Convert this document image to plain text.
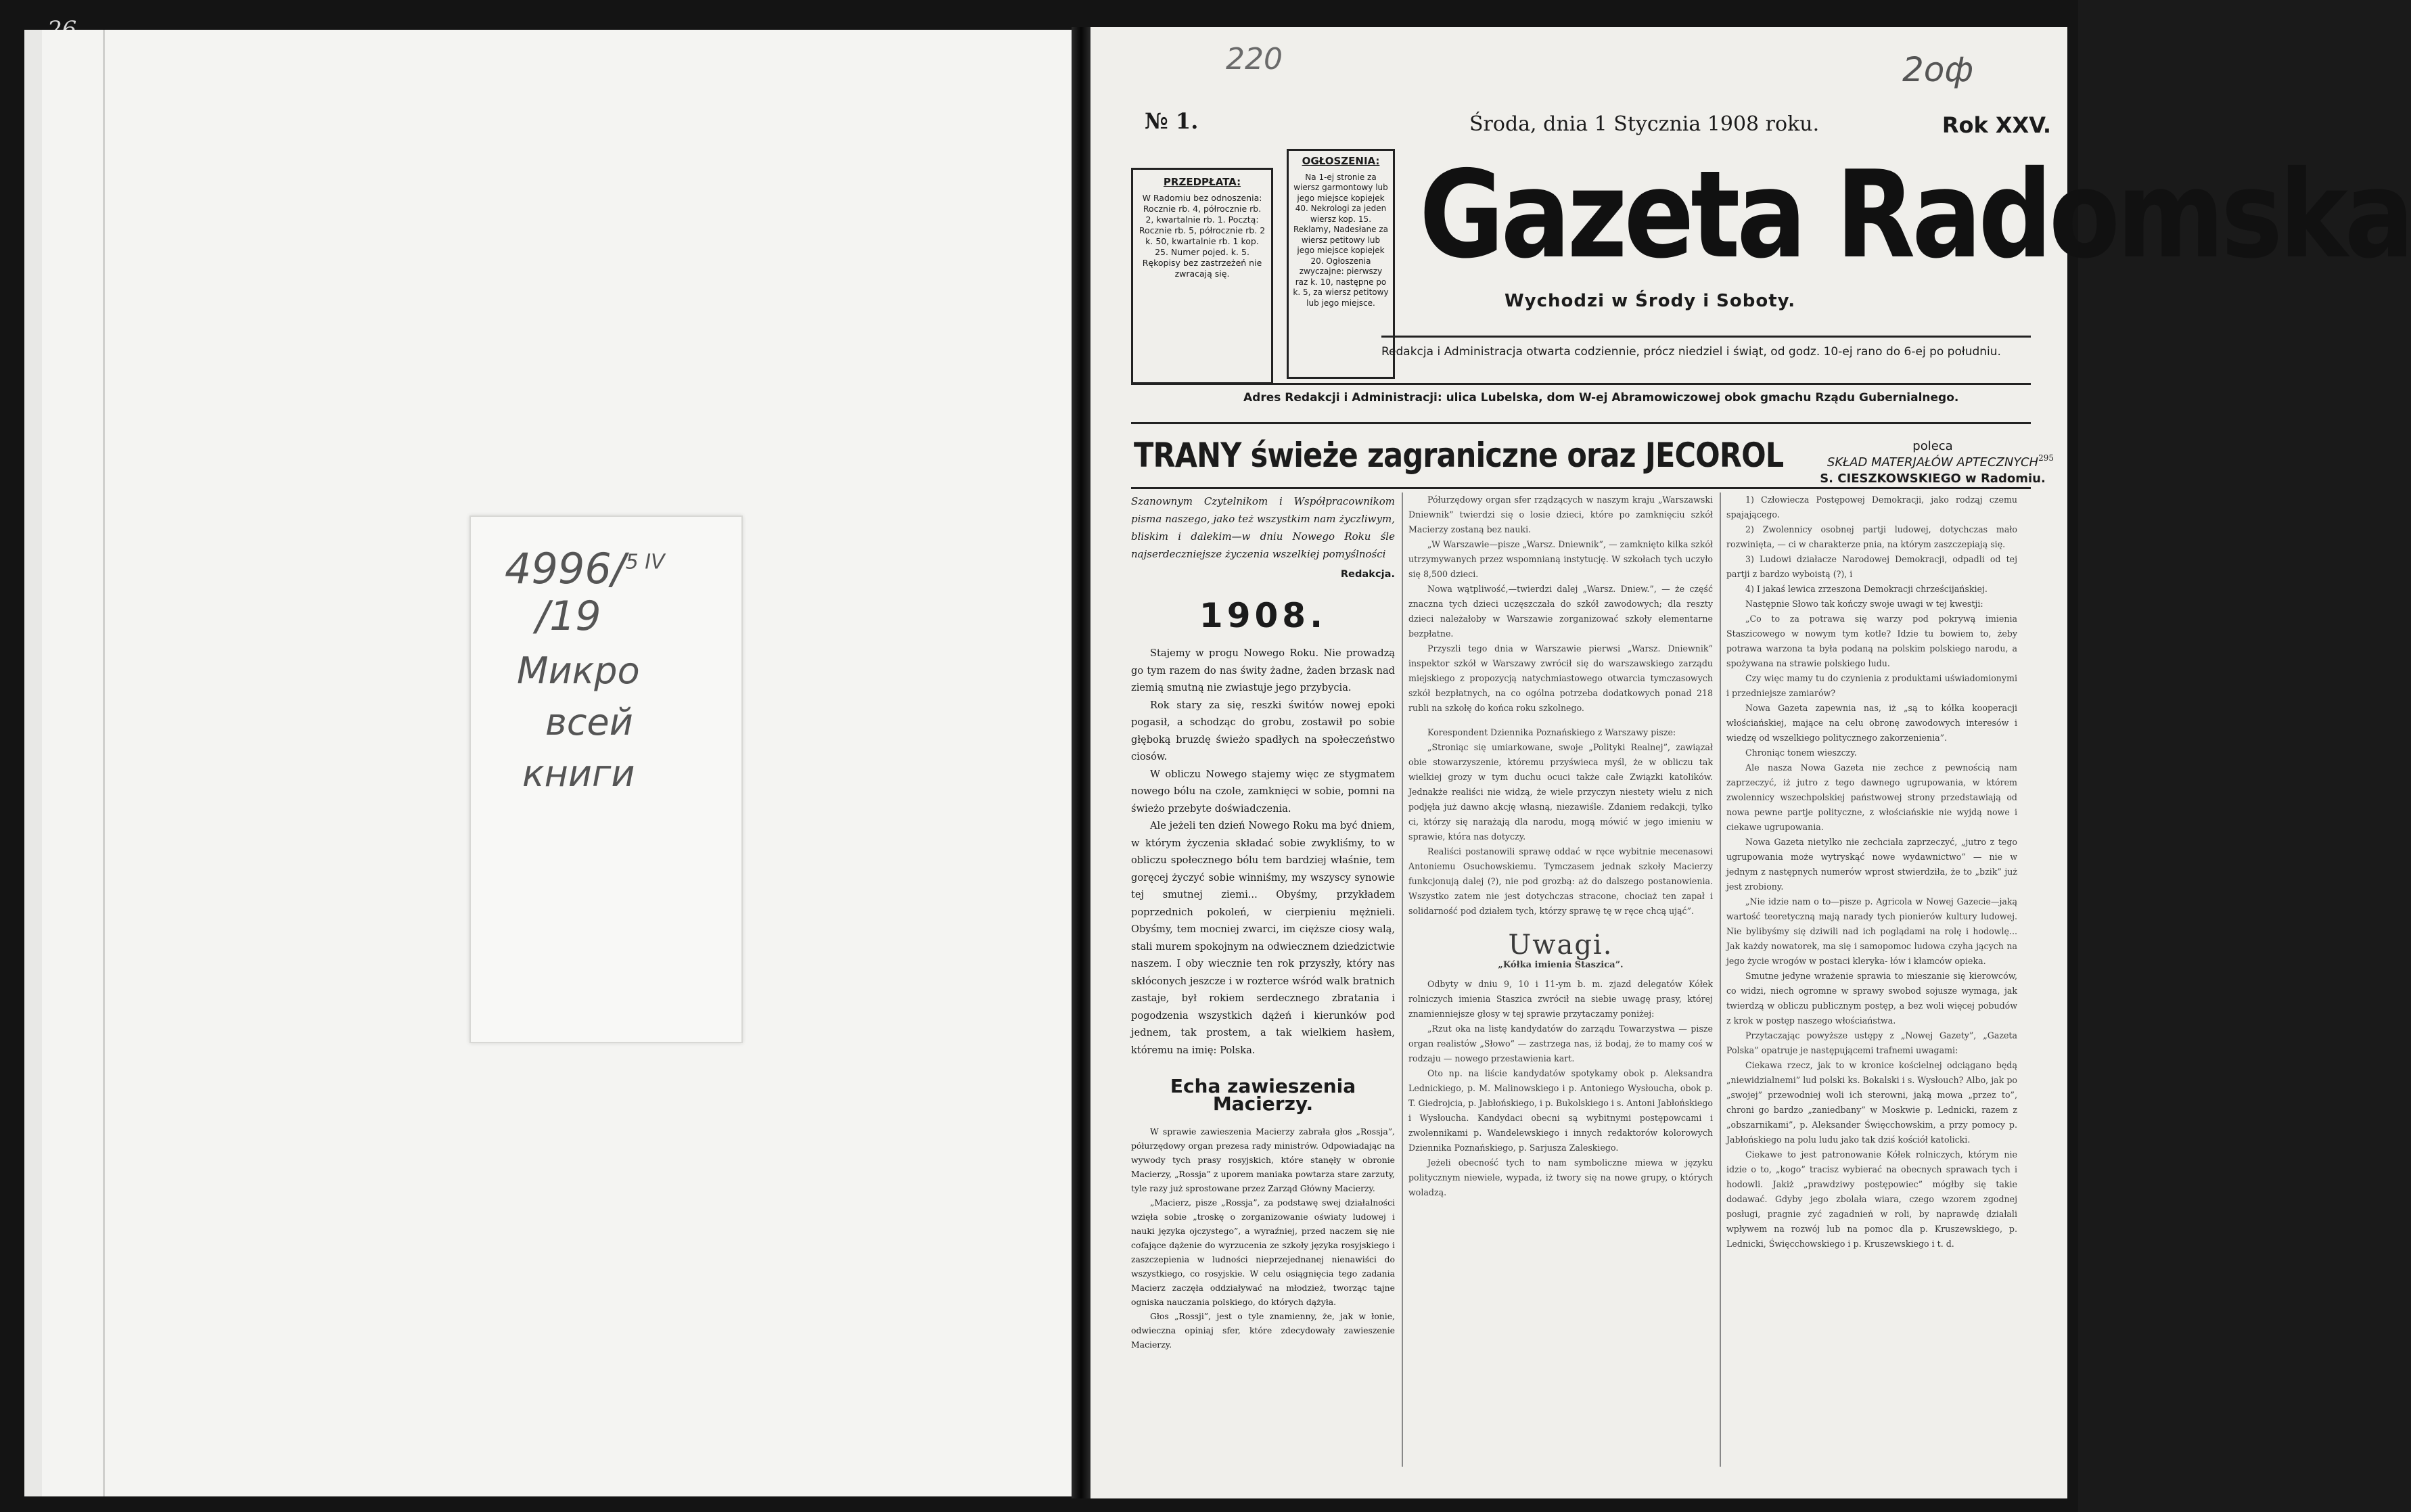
4996/$^{5 IV}$
/19
Микро
всей
книги
220	2оф
№ 1.	Środa, dnia 1 Stycznia 1908 roku.	Rok XXV.
PRZEDPŁATA:
W Radomiu bez odnoszenia: Rocznie rb. 4, półrocznie rb. 2, kwartalnie rb. 1. Pocztą: Rocznie rb. 5, półrocznie rb. 2 k. 50, kwartalnie rb. 1 kop. 25. Numer pojed. k. 5. Rękopisy bez zastrzeżeń nie zwracają się.
OGŁOSZENIA:
Na 1-ej stronie za wiersz garmontowy lub jego miejsce kopiejek 40. Nekrologi za jeden wiersz kop. 15. Reklamy, Nadesłane za wiersz petitowy lub jego miejsce kopiejek 20. Ogłoszenia zwyczajne: pierwszy raz k. 10, następne po k. 5, za wiersz petitowy lub jego miejsce.
Gazeta Radomska
Wychodzi w Środy i Soboty.
Redakcja i Administracja otwarta codziennie, prócz niedziel i świąt, od godz. 10-ej rano do 6-ej po południu.
Adres Redakcji i Administracji: ulica Lubelska, dom W-ej Abramowiczowej obok gmachu Rządu Gubernialnego.
TRANY świeże zagraniczne oraz JECOROL	poleca
SKŁAD MATERJAŁÓW APTECZNYCH
S. CIESZKOWSKIEGO w Radomiu.
295

Szanownym Czytelnikom i Współpracownikom pisma naszego, jako też wszystkim nam życzliwym, bliskim i dalekim—w dniu Nowego Roku śle najserdeczniejsze życzenia wszelkiej pomyślności

Redakcja.

1908.

Stajemy w progu Nowego Roku. Nie prowadzą go tym razem do nas świty żadne, żaden brzask nad ziemią smutną nie zwiastuje jego przybycia.

Rok stary za się, reszki świtów nowej epoki pogasił, a schodząc do grobu, zostawił po sobie głęboką bruzdę świeżo spadłych na społeczeństwo ciosów.

W obliczu Nowego stajemy więc ze stygmatem nowego bólu na czole, zamknięci w sobie, pomni na świeżo przebyte doświadczenia.

Ale jeżeli ten dzień Nowego Roku ma być dniem, w którym życzenia składać sobie zwykliśmy, to w obliczu społecznego bólu tem bardziej właśnie, tem goręcej życzyć sobie winniśmy, my wszyscy synowie tej smutnej ziemi... Obyśmy, przykładem poprzednich pokoleń, w cierpieniu mężnieli. Obyśmy, tem mocniej zwarci, im cięższe ciosy walą, stali murem spokojnym na odwiecznem dziedzictwie naszem. I oby wiecznie ten rok przyszły, który nas skłóconych jeszcze i w rozterce wśród walk bratnich zastaje, był rokiem serdecznego zbratania i pogodzenia wszystkich dążeń i kierunków pod jednem, tak prostem, a tak wielkiem hasłem, któremu na imię: Polska.

Echa zawieszenia Macierzy.

W sprawie zawieszenia Macierzy zabrała głos „Rossja”, półurzędowy organ prezesa rady ministrów. Odpowiadając na wywody tych prasy rosyjskich, które stanęły w obronie Macierzy, „Rossja” z uporem maniaka powtarza stare zarzuty, tyle razy już sprostowane przez Zarząd Główny Macierzy.

„Macierz, pisze „Rossja”, za podstawę swej działalności wzięła sobie „troskę o zorganizowanie oświaty ludowej i nauki języka ojczystego”, a wyraźniej, przed naczem się nie cofające dążenie do wyrzucenia ze szkoły języka rosyjskiego i zaszczepienia w ludności nieprzejednanej nienawiści do wszystkiego, co rosyjskie. W celu osiągnięcia tego zadania Macierz zaczęła oddziaływać na młodzież, tworząc tajne ogniska nauczania polskiego, do których dążyła.

Głos „Rossji”, jest o tyle znamienny, że, jak w łonie, odwieczna opiniaj sfer, które zdecydowały zawieszenie Macierzy.

Półurzędowy organ sfer rządzących w naszym kraju „Warszawski Dniewnik” twierdzi się o losie dzieci, które po zamknięciu szkół Macierzy zostaną bez nauki.

„W Warszawie—pisze „Warsz. Dniewnik”, — zamknięto kilka szkół utrzymywanych przez wspomnianą instytucję. W szkołach tych uczyło się 8,500 dzieci.

Nowa wątpliwość,—twierdzi dalej „Warsz. Dniew.”, — że część znaczna tych dzieci uczęszczała do szkół zawodowych; dla reszty dzieci należałoby w Warszawie zorganizować szkoły elementarne bezpłatne.

Przyszli tego dnia w Warszawie pierwsi „Warsz. Dniewnik” inspektor szkół w Warszawy zwrócił się do warszawskiego zarządu miejskiego z propozycją natychmiastowego otwarcia tymczasowych szkół bezpłatnych, na co ogólna potrzeba dodatkowych ponad 218 rubli na szkołę do końca roku szkolnego.

Korespondent Dziennika Poznańskiego z Warszawy pisze:

„Stroniąc się umiarkowane, swoje „Polityki Realnej”, zawiązał obie stowarzyszenie, któremu przyświeca myśl, że w obliczu tak wielkiej grozy w tym duchu ocuci także całe Związki katolików. Jednakże realiści nie widzą, że wiele przyczyn niestety wielu z nich podjęła już dawno akcję własną, niezawiśle. Zdaniem redakcji, tylko ci, którzy się narażają dla narodu, mogą mówić w jego imieniu w sprawie, która nas dotyczy.

Realiści postanowili sprawę oddać w ręce wybitnie mecenasowi Antoniemu Osuchowskiemu. Tymczasem jednak szkoły Macierzy funkcjonują dalej (?), nie pod grozbą: aż do dalszego postanowienia. Wszystko zatem nie jest dotychczas stracone, chociaż ten zapał i solidarność pod działem tych, którzy sprawę tę w ręce chcą ująć”.

Uwagi.
„Kółka imienia Staszica”.

Odbyty w dniu 9, 10 i 11-ym b. m. zjazd delegatów Kółek rolniczych imienia Staszica zwrócił na siebie uwagę prasy, której znamienniejsze głosy w tej sprawie przytaczamy poniżej:

„Rzut oka na listę kandydatów do zarządu Towarzystwa — pisze organ realistów „Słowo” — zastrzega nas, iż bodaj, że to mamy coś w rodzaju — nowego przestawienia kart.

Oto np. na liście kandydatów spotykamy obok p. Aleksandra Lednickiego, p. M. Malinowskiego i p. Antoniego Wysłoucha, obok p. T. Giedrojcia, p. Jabłońskiego, i p. Bukolskiego i s. Antoni Jabłońskiego i Wysłoucha. Kandydaci obecni są wybitnymi postępowcami i zwolennikami p. Wandelewskiego i innych redaktorów kolorowych Dziennika Poznańskiego, p. Sarjusza Zaleskiego.

Jeżeli obecność tych to nam symboliczne miewa w języku politycznym niewiele, wypada, iż twory się na nowe grupy, o których woladzą.

1) Człowiecza Postępowej Demokracji, jako rodząj czemu spajającego.

2) Zwolennicy osobnej partji ludowej, dotychczas mało rozwinięta, — ci w charakterze pnia, na którym zaszczepiają się.

3) Ludowi działacze Narodowej Demokracji, odpadli od tej partji z bardzo wyboistą (?), i

4) I jakaś lewica zrzeszona Demokracji chrześcijańskiej.

Następnie Słowo tak kończy swoje uwagi w tej kwestji:

„Co to za potrawa się warzy pod pokrywą imienia Staszicowego w nowym tym kotle? Idzie tu bowiem to, żeby potrawa warzona ta była podaną na polskim polskiego narodu, a spożywana na strawie polskiego ludu.

Czy więc mamy tu do czynienia z produktami uświadomionymi i przedniejsze zamiarów?

Nowa Gazeta zapewnia nas, iż „są to kółka kooperacji włościańskiej, mające na celu obronę zawodowych interesów i wiedzę od wszelkiego politycznego zakorzenienia”.

Chroniąc tonem wieszczy.

Ale nasza Nowa Gazeta nie zechce z pewnością nam zaprzeczyć, iż jutro z tego dawnego ugrupowania, w którem zwolennicy wszechpolskiej państwowej strony przedstawiają od nowa pewne partje polityczne, z włościańskie nie wyjdą nowe i ciekawe ugrupowania.

Nowa Gazeta nietylko nie zechciała zaprzeczyć, „jutro z tego ugrupowania może wytryskąć nowe wydawnictwo” — nie w jednym z następnych numerów wprost stwierdziła, że to „bzik” już jest zrobiony.

„Nie idzie nam o to—pisze p. Agricola w Nowej Gazecie—jaką wartość teoretyczną mają narady tych pionierów kultury ludowej. Nie bylibyśmy się dziwili nad ich poglądami na rolę i hodowlę... Jak każdy nowatorek, ma się i samopomoc ludowa czyha jących na jego życie wrogów w postaci kleryka- łów i kłamców opieka.

Smutne jedyne wrażenie sprawia to mieszanie się kierowców, co widzi, niech ogromne w sprawy swobod sojusze wymaga, jak twierdzą w obliczu publicznym postęp, a bez woli więcej pobudów z krok w postęp naszego włościaństwa.

Przytaczając powyższe ustępy z „Nowej Gazety”, „Gazeta Polska” opatruje je następującemi trafnemi uwagami:

Ciekawa rzecz, jak to w kronice kościelnej odciągano będą „niewidzialnemi” lud polski ks. Bokalski i s. Wysłouch? Albo, jak po „swojej” przewodniej woli ich sterowni, jaką mowa „przez to”, chroni go bardzo „zaniedbany” w Moskwie p. Lednicki, razem z „obszarnikami”, p. Aleksander Święcchowskim, a przy pomocy p. Jabłońskiego na polu ludu jako tak dziś kościół katolicki.

Ciekawe to jest patronowanie Kółek rolniczych, którym nie idzie o to, „kogo” tracisz wybierać na obecnych sprawach tych i hodowli. Jakiż „prawdziwy postępowiec” mógłby się takie dodawać. Gdyby jego zbolała wiara, czego wzorem zgodnej posługi, pragnie zyć zagadnień w roli, by naprawdę działali wpływem na rozwój lub na pomoc dla p. Kruszewskiego, p. Lednicki, Święcchowskiego i p. Kruszewskiego i t. d.
